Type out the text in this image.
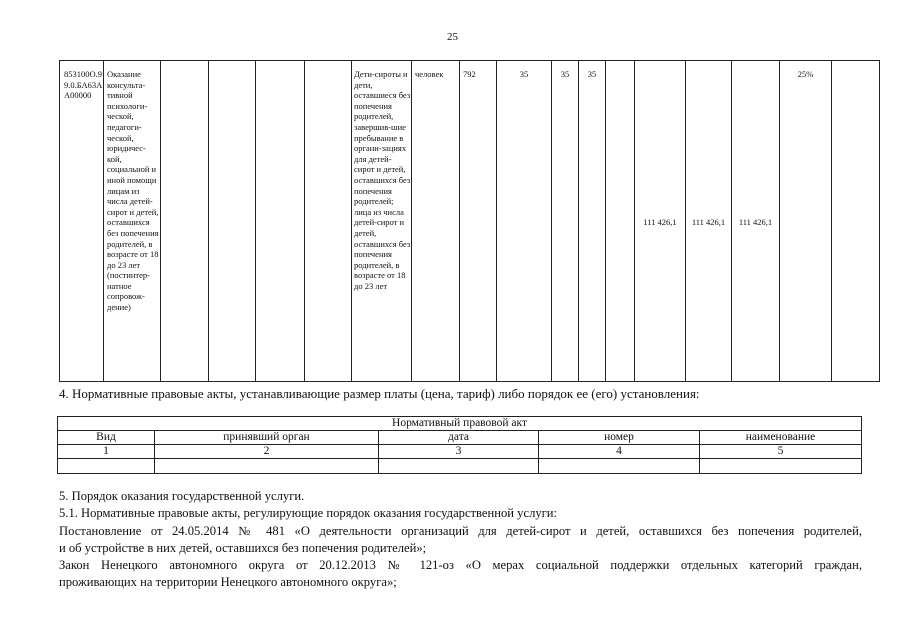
25
853100О.99.0.БА63АА00000	Оказание консульта-тивной психологи-ческой, педагоги-ческой, юридичес-кой, социальной и иной помощи лицам из числа детей-сирот и детей, оставшихся без попечения родителей, в возрасте от 18 до 23 лет (постинтер-натное сопровож-дение)					Дети-сироты и дети, оставшиеся без попечения родителей, завершив-шие пребывание в органи-зациях для детей-сирот и детей, оставшихся без попечения родителей; лица из числа детей-сирот и детей, оставшихся без попечения родителей, в возрасте от 18 до 23 лет	человек	792	35	35	35		111 426,1	111 426,1	111 426,1	25%	
4. Нормативные правовые акты, устанавливающие размер платы (цена, тариф) либо порядок ее (его) установления:
Нормативный правовой акт				
Вид	принявший орган	дата	номер	наименование
1	2	3	4	5

5. Порядок оказания государственной услуги.

5.1. Нормативные правовые акты, регулирующие порядок оказания государственной услуги:

Постановление от 24.05.2014 № 481 «О деятельности организаций для детей-сирот и детей, оставшихся без попечения родителей,

и об устройстве в них детей, оставшихся без попечения родителей»;

Закон Ненецкого автономного округа от 20.12.2013 № 121-оз «О мерах социальной поддержки отдельных категорий граждан,

проживающих на территории Ненецкого автономного округа»;
